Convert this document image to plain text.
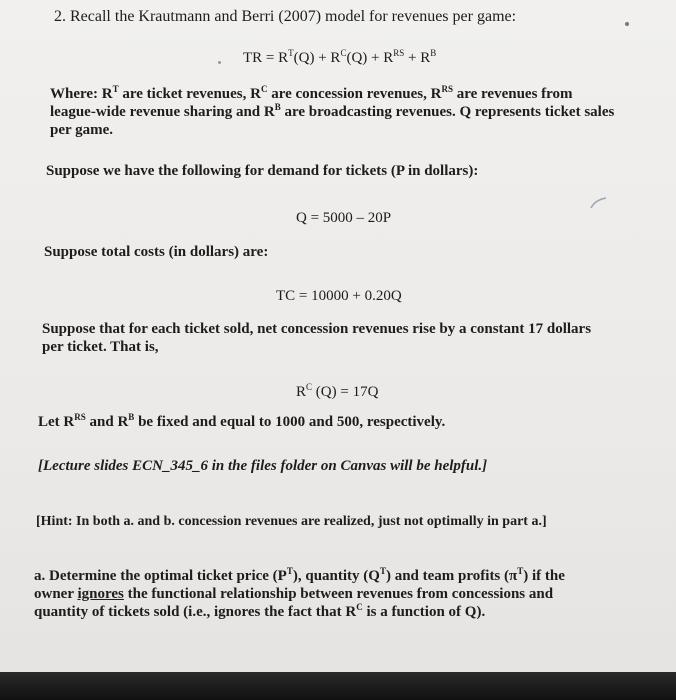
2. Recall the Krautmann and Berri (2007) model for revenues per game:
TR = $R^T(Q) + R^C(Q) + R^{RS} + R^B$
Where: $R^T$ are ticket revenues, $R^C$ are concession revenues, $R^{RS}$ are revenues from
league-wide revenue sharing and $R^B$ are broadcasting revenues. Q represents ticket sales
per game.
Suppose we have the following for demand for tickets (P in dollars):
Q = 5000 – 20P
Suppose total costs (in dollars) are:
TC = 10000 + 0.20Q
Suppose that for each ticket sold, net concession revenues rise by a constant 17 dollars
per ticket. That is,
$R^C$ (Q) = 17Q
Let $R^{RS}$ and $R^B$ be fixed and equal to 1000 and 500, respectively.
[Lecture slides ECN_345_6 in the files folder on Canvas will be helpful.]
[Hint: In both a. and b. concession revenues are realized, just not optimally in part a.]
a. Determine the optimal ticket price $(P^T)$, quantity $(Q^T)$ and team profits $(\pi^T)$ if the
owner ignores the functional relationship between revenues from concessions and
quantity of tickets sold (i.e., ignores the fact that $R^C$ is a function of Q).
